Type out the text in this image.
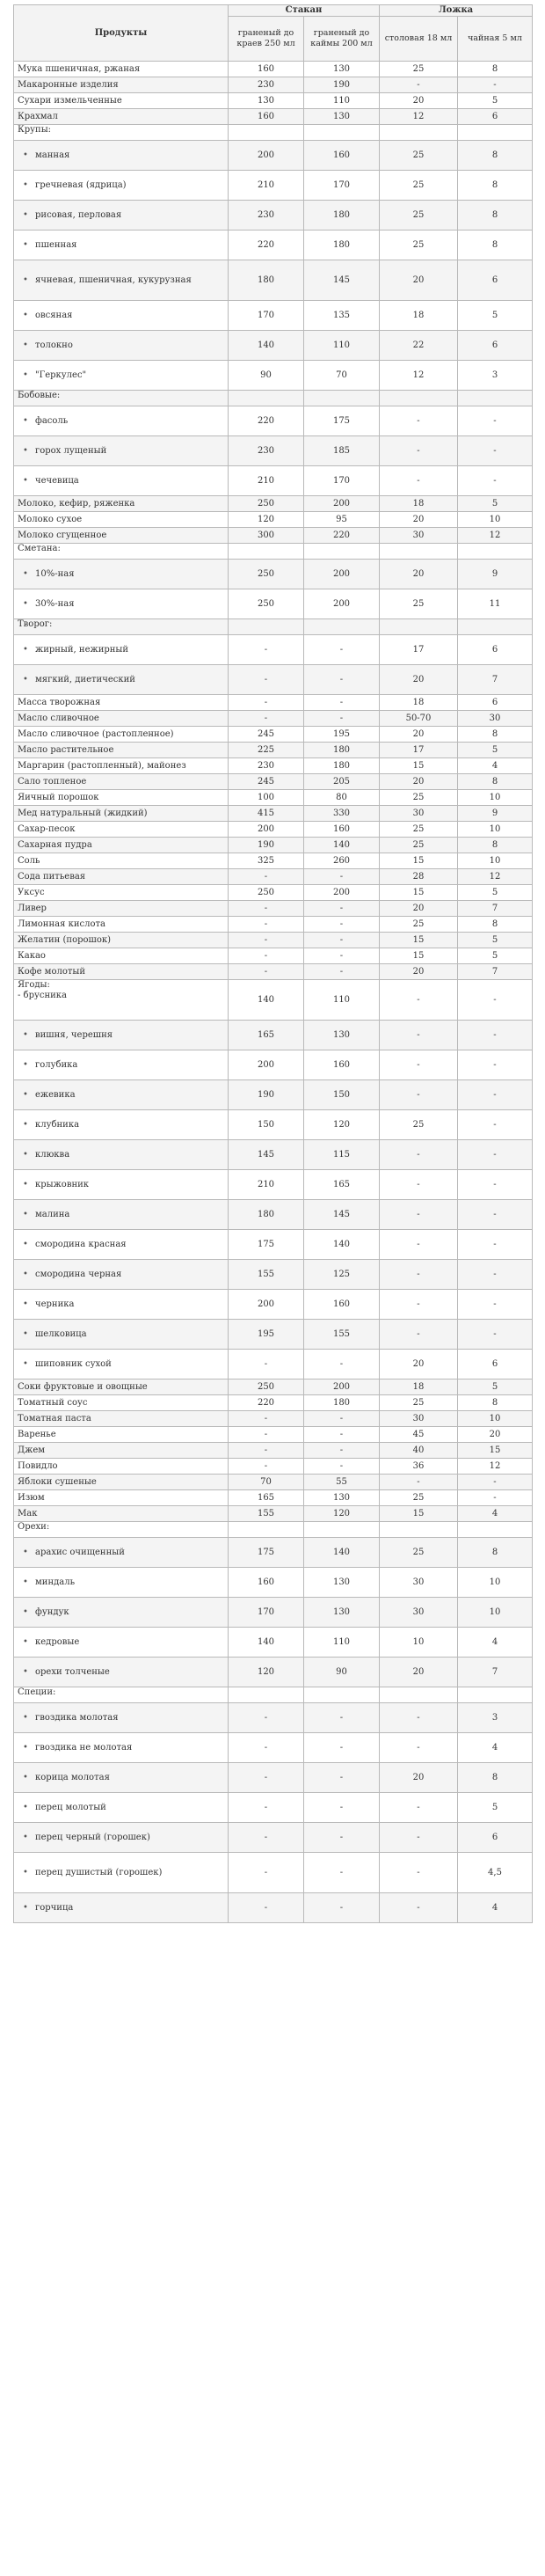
Продукты	Стакан		Ложка	
	граненый до краев 250 мл	граненый до каймы 200 мл	столовая 18 мл	чайная 5 мл
Мука пшеничная, ржаная	160	130	25	8
Макаронные изделия	230	190	-	-
Сухари измельченные	130	110	20	5
Крахмал	160	130	12	6
Крупы:				
• манная	200	160	25	8
• гречневая (ядрица)	210	170	25	8
• рисовая, перловая	230	180	25	8
• пшенная	220	180	25	8
• ячневая, пшеничная, кукурузная	180	145	20	6
• овсяная	170	135	18	5
• толокно	140	110	22	6
• "Геркулес"	90	70	12	3
Бобовые:				
• фасоль	220	175	-	-
• горох лущеный	230	185	-	-
• чечевица	210	170	-	-
Молоко, кефир, ряженка	250	200	18	5
Молоко сухое	120	95	20	10
Молоко сгущенное	300	220	30	12
Сметана:				
• 10%-ная	250	200	20	9
• 30%-ная	250	200	25	11
Творог:				
• жирный, нежирный	-	-	17	6
• мягкий, диетический	-	-	20	7
Масса творожная	-	-	18	6
Масло сливочное	-	-	50-70	30
Масло сливочное (растопленное)	245	195	20	8
Масло растительное	225	180	17	5
Маргарин (растопленный), майонез	230	180	15	4
Сало топленое	245	205	20	8
Яичный порошок	100	80	25	10
Мед натуральный (жидкий)	415	330	30	9
Сахар-песок	200	160	25	10
Сахарная пудра	190	140	25	8
Соль	325	260	15	10
Сода питьевая	-	-	28	12
Уксус	250	200	15	5
Ливер	-	-	20	7
Лимонная кислота	-	-	25	8
Желатин (порошок)	-	-	15	5
Какао	-	-	15	5
Кофе молотый	-	-	20	7
Ягоды:
- брусника	140	110	-	-
• вишня, черешня	165	130	-	-
• голубика	200	160	-	-
• ежевика	190	150	-	-
• клубника	150	120	25	-
• клюква	145	115	-	-
• крыжовник	210	165	-	-
• малина	180	145	-	-
• смородина красная	175	140	-	-
• смородина черная	155	125	-	-
• черника	200	160	-	-
• шелковица	195	155	-	-
• шиповник сухой	-	-	20	6
Соки фруктовые и овощные	250	200	18	5
Томатный соус	220	180	25	8
Томатная паста	-	-	30	10
Варенье	-	-	45	20
Джем	-	-	40	15
Повидло	-	-	36	12
Яблоки сушеные	70	55	-	-
Изюм	165	130	25	-
Мак	155	120	15	4
Орехи:				
• арахис очищенный	175	140	25	8
• миндаль	160	130	30	10
• фундук	170	130	30	10
• кедровые	140	110	10	4
• орехи толченые	120	90	20	7
Специи:				
• гвоздика молотая	-	-	-	3
• гвоздика не молотая	-	-	-	4
• корица молотая	-	-	20	8
• перец молотый	-	-	-	5
• перец черный (горошек)	-	-	-	6
• перец душистый (горошек)	-	-	-	4,5
• горчица	-	-	-	4
